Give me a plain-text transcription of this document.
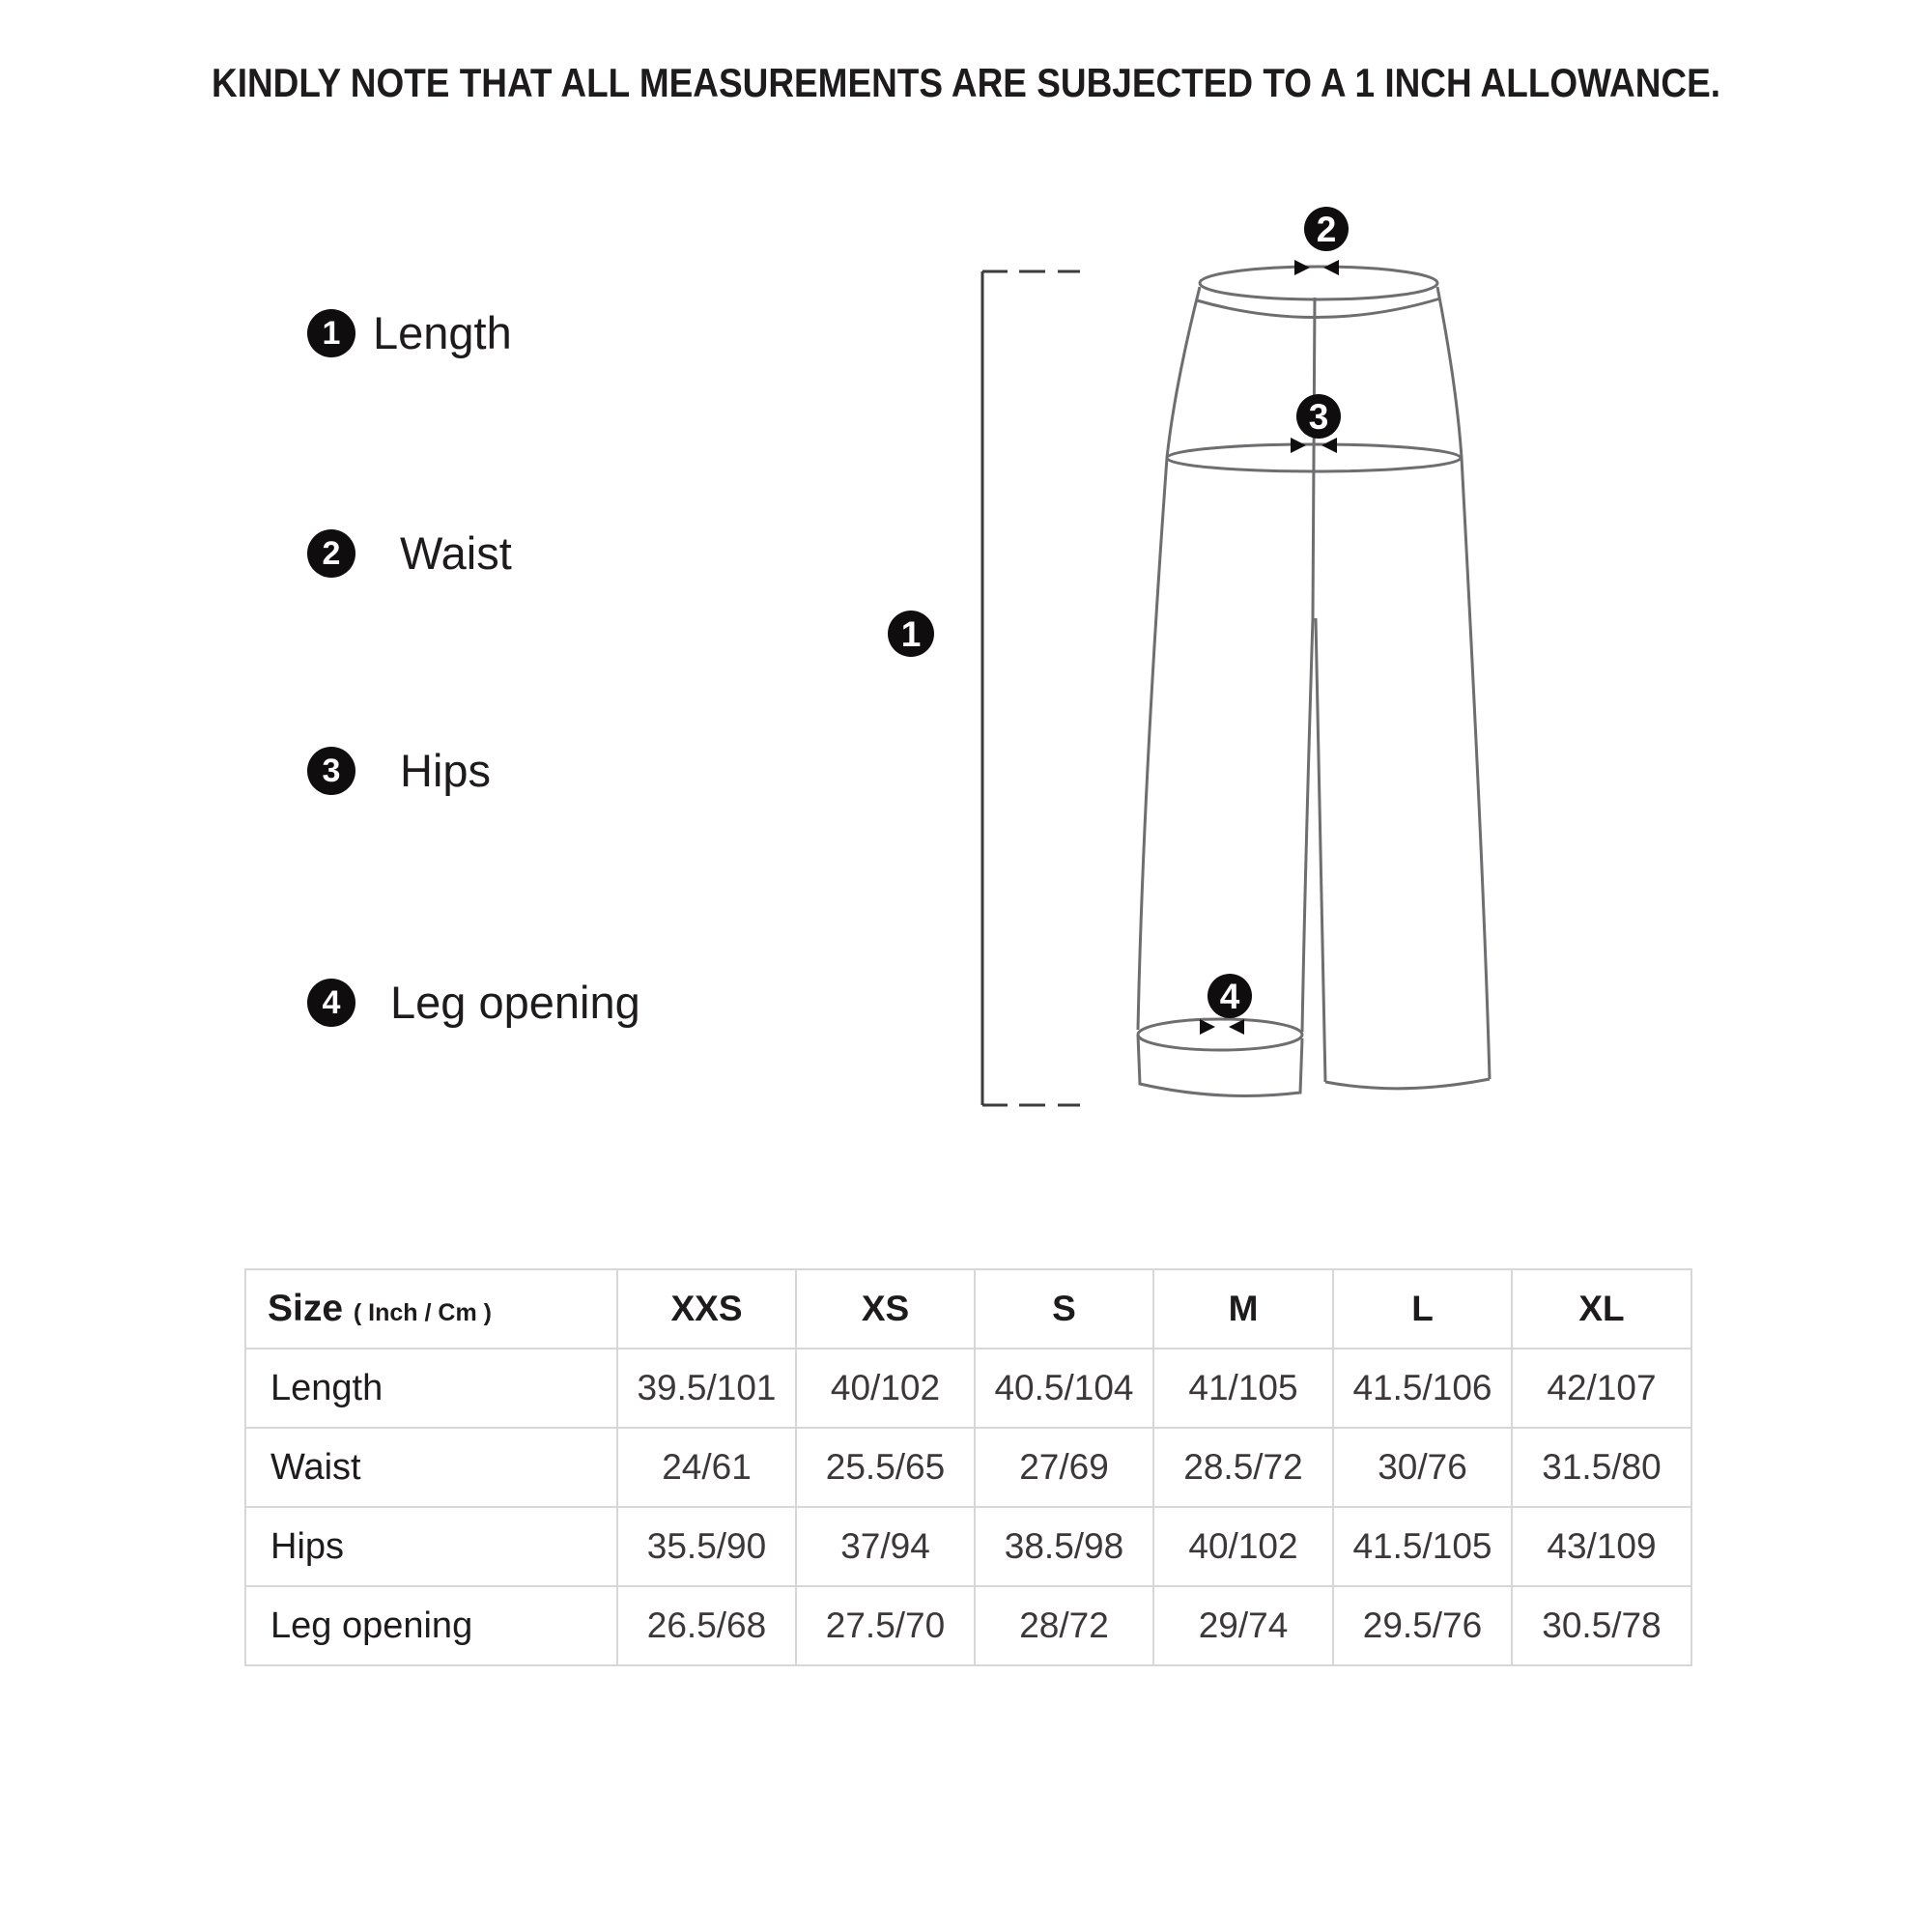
KINDLY NOTE THAT ALL MEASUREMENTS ARE SUBJECTED TO A 1 INCH ALLOWANCE.
1 Length
2	Waist
3	Hips
4	Leg opening
1
2
3
4
Size ( Inch / Cm )	XXS	XS	S	M	L	XL
Length	39.5/101	40/102	40.5/104	41/105	41.5/106	42/107
Waist	24/61	25.5/65	27/69	28.5/72	30/76	31.5/80
Hips	35.5/90	37/94	38.5/98	40/102	41.5/105	43/109
Leg opening	26.5/68	27.5/70	28/72	29/74	29.5/76	30.5/78
